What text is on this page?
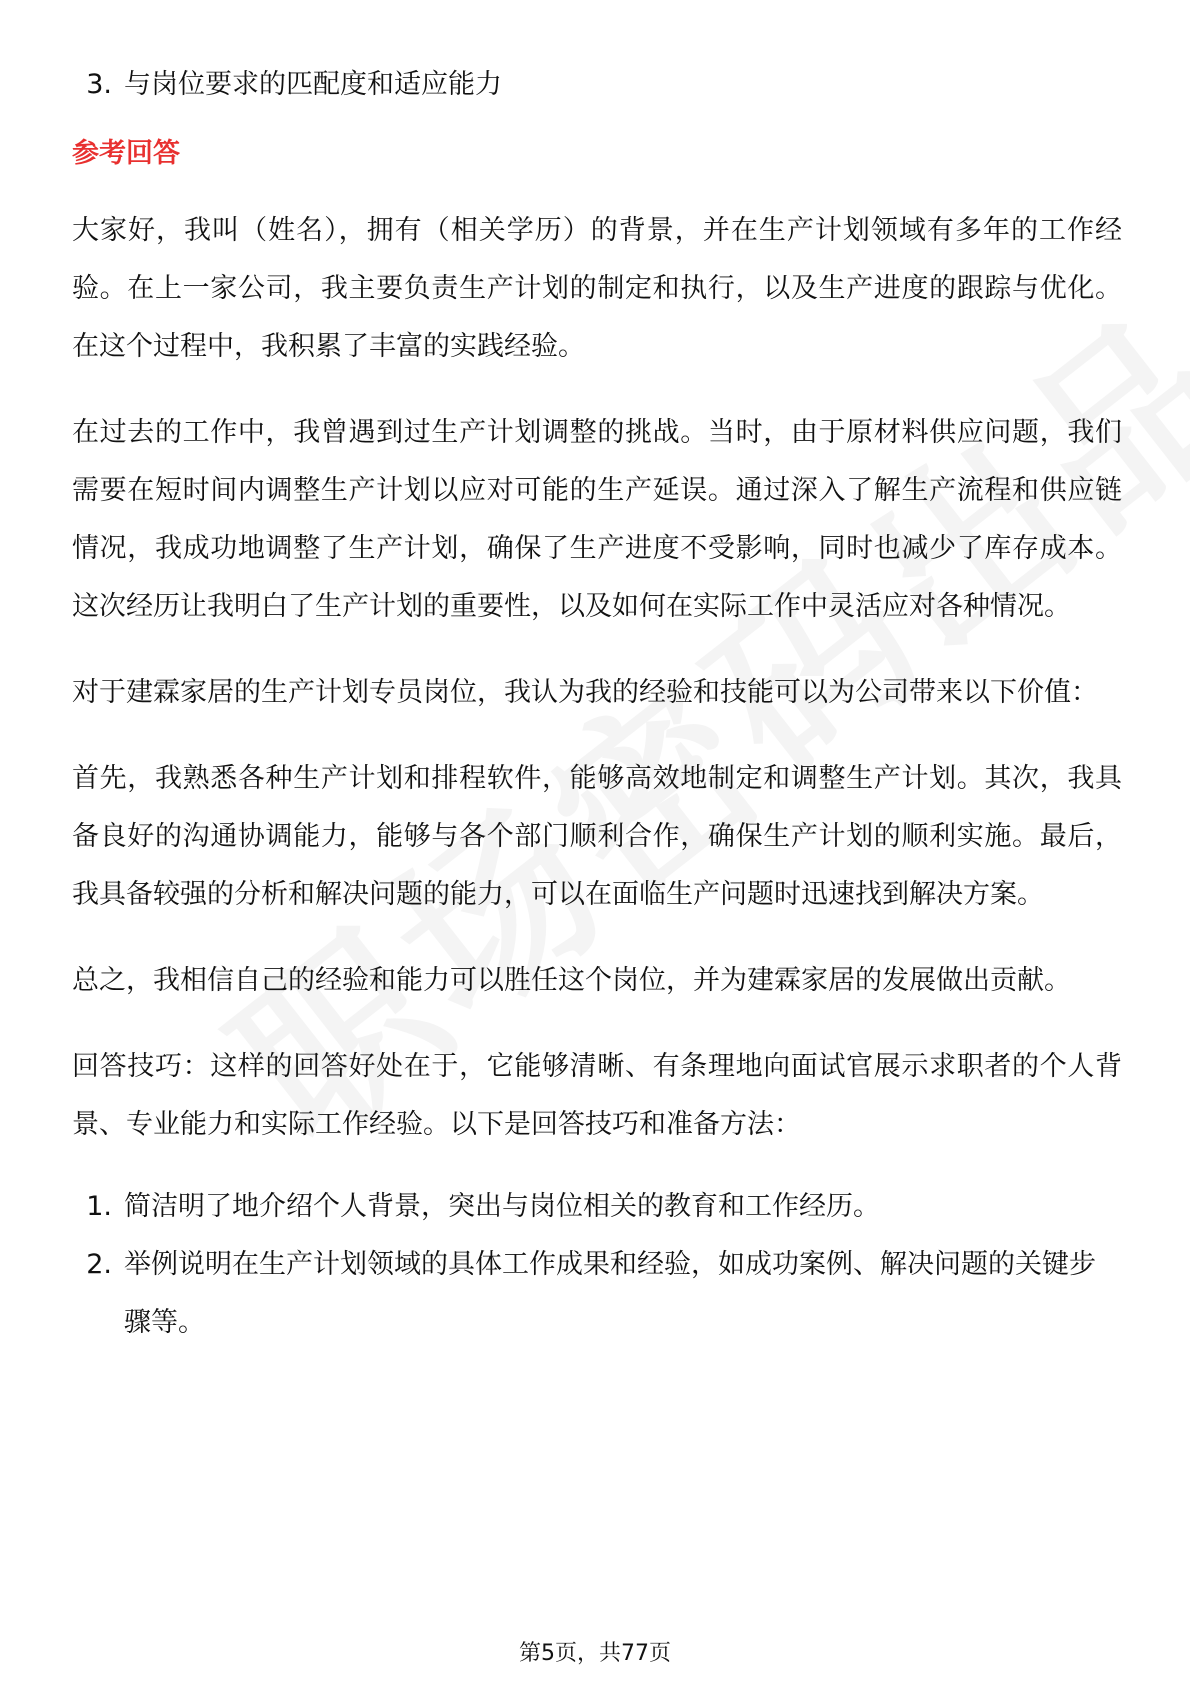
3. 与岗位要求的匹配度和适应能力
参考回答

大家好，我叫（姓名），拥有（相关学历）的背景，并在生产计划领域有多年的工作经验。在上一家公司，我主要负责生产计划的制定和执行，以及生产进度的跟踪与优化。在这个过程中，我积累了丰富的实践经验。

在过去的工作中，我曾遇到过生产计划调整的挑战。当时，由于原材料供应问题，我们需要在短时间内调整生产计划以应对可能的生产延误。通过深入了解生产流程和供应链情况，我成功地调整了生产计划，确保了生产进度不受影响，同时也减少了库存成本。这次经历让我明白了生产计划的重要性，以及如何在实际工作中灵活应对各种情况。

对于建霖家居的生产计划专员岗位，我认为我的经验和技能可以为公司带来以下价值：

首先，我熟悉各种生产计划和排程软件，能够高效地制定和调整生产计划。其次，我具备良好的沟通协调能力，能够与各个部门顺利合作，确保生产计划的顺利实施。最后，我具备较强的分析和解决问题的能力，可以在面临生产问题时迅速找到解决方案。

总之，我相信自己的经验和能力可以胜任这个岗位，并为建霖家居的发展做出贡献。

回答技巧：这样的回答好处在于，它能够清晰、有条理地向面试官展示求职者的个人背景、专业能力和实际工作经验。以下是回答技巧和准备方法：

1. 简洁明了地介绍个人背景，突出与岗位相关的教育和工作经历。
2. 举例说明在生产计划领域的具体工作成果和经验，如成功案例、解决问题的关键步骤等。
第5页，共77页
